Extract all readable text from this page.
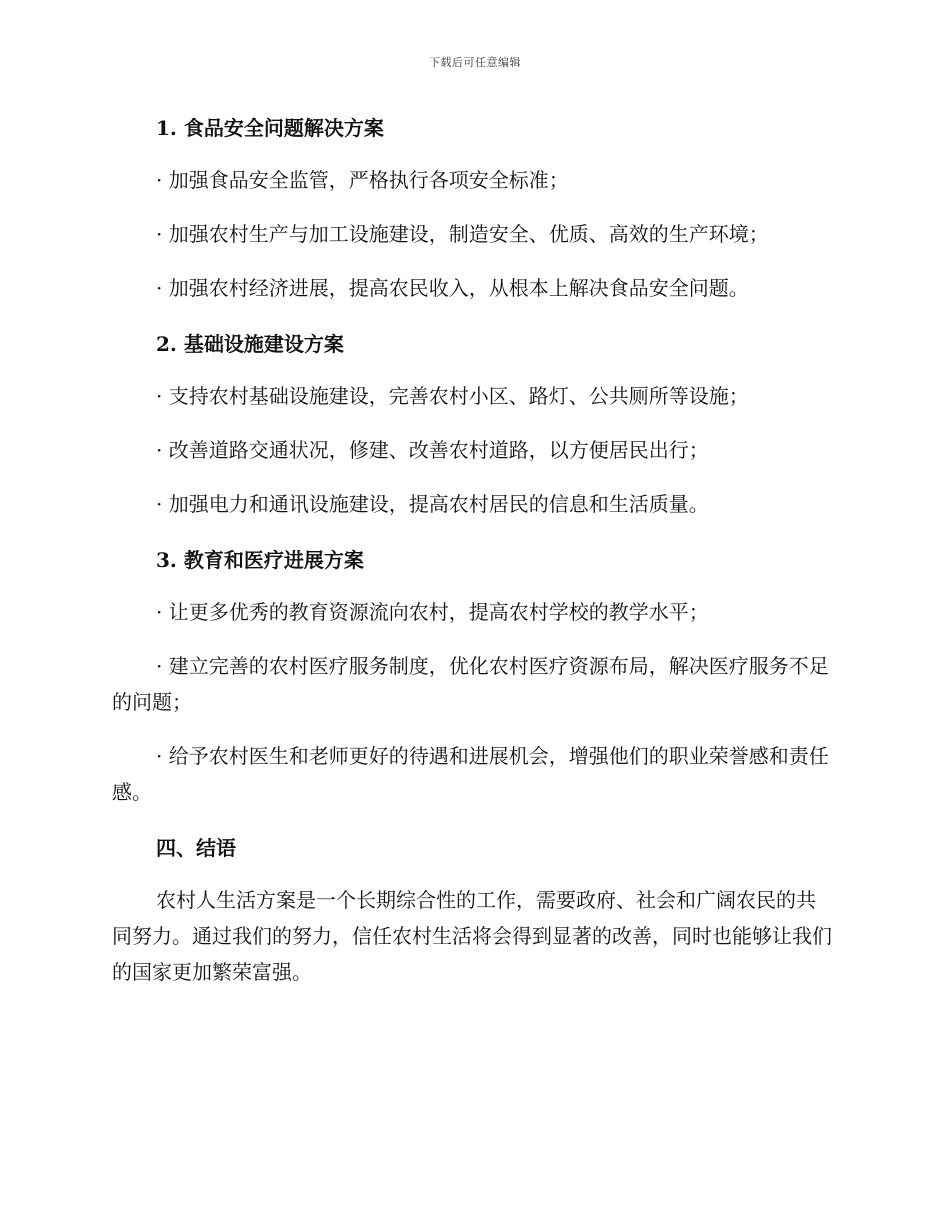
下载后可任意编辑

1. 食品安全问题解决方案

· 加强食品安全监管，严格执行各项安全标准；

· 加强农村生产与加工设施建设，制造安全、优质、高效的生产环境；

· 加强农村经济进展，提高农民收入，从根本上解决食品安全问题。

2. 基础设施建设方案

· 支持农村基础设施建设，完善农村小区、路灯、公共厕所等设施；

· 改善道路交通状况，修建、改善农村道路，以方便居民出行；

· 加强电力和通讯设施建设，提高农村居民的信息和生活质量。

3. 教育和医疗进展方案

· 让更多优秀的教育资源流向农村，提高农村学校的教学水平；

· 建立完善的农村医疗服务制度，优化农村医疗资源布局，解决医疗服务不足的问题；

· 给予农村医生和老师更好的待遇和进展机会，增强他们的职业荣誉感和责任感。

四、结语

农村人生活方案是一个长期综合性的工作，需要政府、社会和广阔农民的共同努力。通过我们的努力，信任农村生活将会得到显著的改善，同时也能够让我们的国家更加繁荣富强。
